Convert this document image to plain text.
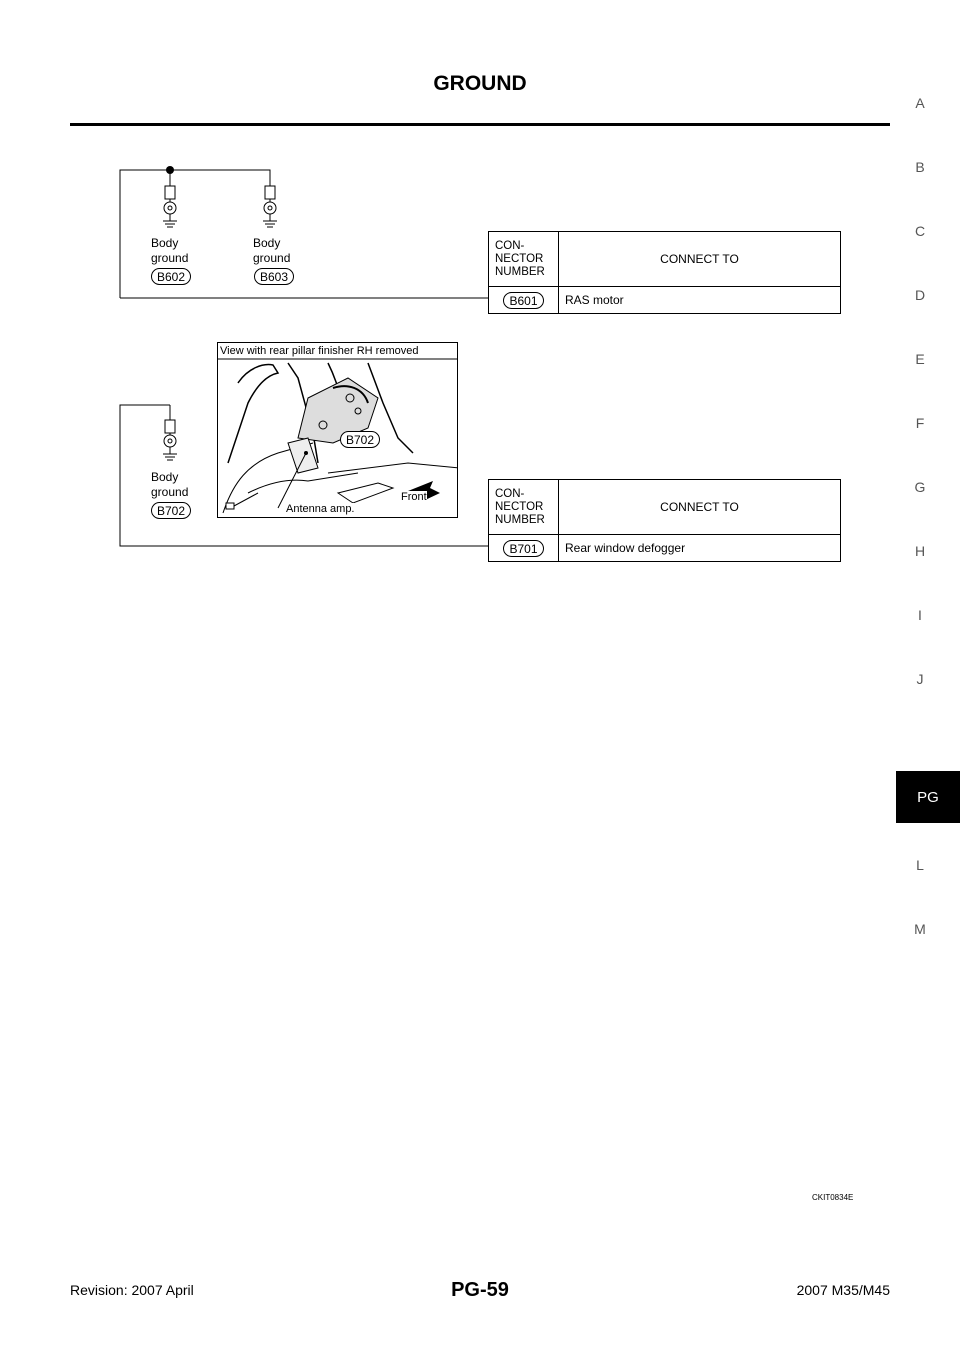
GROUND
A
B
C
D
E
F
G
H
I
J
PG
L
M
Body
ground
B602
Body
ground
B603
CON-
NECTOR
NUMBER	CONNECT TO
B601	RAS motor
Body
ground
B702
View with rear pillar finisher RH removed
B702
Antenna amp.
Front	CON-
NECTOR
NUMBER	CONNECT TO
B701	Rear window defogger
CKIT0834E
Revision: 2007 April	PG-59	2007 M35/M45
